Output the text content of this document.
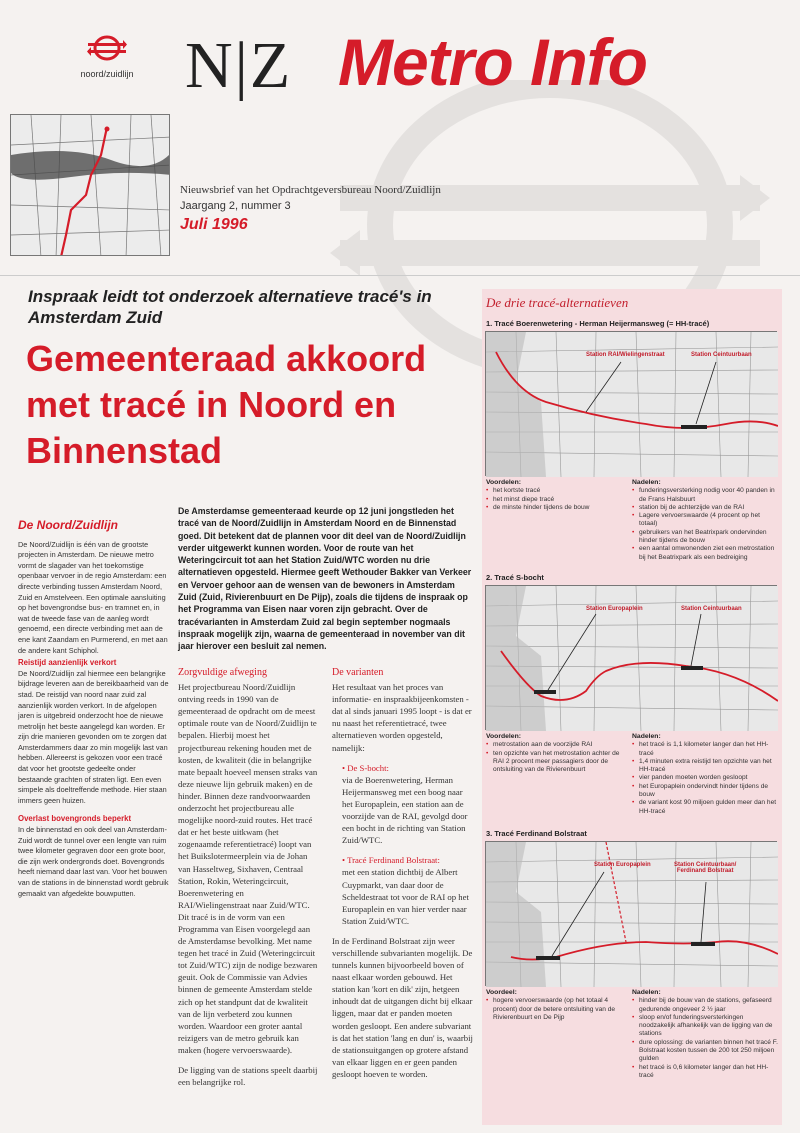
noord/zuidlijn N|Z Metro Info
Nieuwsbrief van het Opdrachtgeversbureau Noord/Zuidlijn
Jaargang 2, nummer 3
Juli 1996
Inspraak leidt tot onderzoek alternatieve tracé's in Amsterdam Zuid
Gemeenteraad akkoord met tracé in Noord en Binnenstad
De Noord/Zuidlijn

De Noord/Zuidlijn is één van de grootste projecten in Amsterdam. De nieuwe metro vormt de slagader van het toekomstige openbaar vervoer in de regio Amsterdam: een directe verbinding tussen Amsterdam Noord, Zuid en Amstelveen. Een optimale aansluiting op het bovengrondse bus- en tramnet en, in wat de tweede fase van de aanleg wordt genoemd, een directe verbinding met aan de ene kant Zaandam en Purmerend, en met aan de andere kant Schiphol.

Reistijd aanzienlijk verkort

De Noord/Zuidlijn zal hiermee een belangrijke bijdrage leveren aan de bereikbaarheid van de stad. De reistijd van noord naar zuid zal aanzienlijk worden verkort. In de afgelopen jaren is uitgebreid onderzocht hoe de nieuwe metrolijn het beste aangelegd kan worden. Er zijn drie manieren gevonden om te zorgen dat Amsterdammers daar zo min mogelijk last van hebben. Allereerst is gekozen voor een tracé dat voor het grootste gedeelte onder bestaande grachten of straten ligt. Een even simpele als doeltreffende methode. Hier staan immers geen huizen.

Overlast bovengronds beperkt

In de binnenstad en ook deel van Amsterdam-Zuid wordt de tunnel over een lengte van ruim twee kilometer gegraven door een grote boor, die zijn werk ondergronds doet. Bovengronds heeft niemand daar last van. Voor het bouwen van de stations in de binnenstad wordt gebruik gemaakt van afgedekte bouwputten.

De Amsterdamse gemeenteraad keurde op 12 juni jongstleden het tracé van de Noord/Zuidlijn in Amsterdam Noord en de Binnenstad goed. Dit betekent dat de plannen voor dit deel van de Noord/Zuidlijn verder uitgewerkt kunnen worden. Voor de route van het Weteringcircuit tot aan het Station Zuid/WTC worden nu drie alternatieven opgesteld. Hiermee geeft Wethouder Bakker van Verkeer en Vervoer gehoor aan de wensen van de bewoners in Amsterdam Zuid (Zuid, Rivierenbuurt en De Pijp), zoals die tijdens de inspraak op het Programma van Eisen naar voren zijn gebracht. Over de tracévarianten in Amsterdam Zuid zal begin september nogmaals inspraak mogelijk zijn, waarna de gemeenteraad in november van dit jaar hierover een besluit zal nemen.
Zorgvuldige afweging

Het projectbureau Noord/Zuidlijn ontving reeds in 1990 van de gemeenteraad de opdracht om de meest optimale route van de Noord/Zuidlijn te bepalen. Hierbij moest het projectbureau rekening houden met de kosten, de kwaliteit (die in belangrijke mate bepaalt hoeveel mensen straks van deze nieuwe lijn gebruik maken) en de hinder. Binnen deze randvoorwaarden onderzocht het projectbureau alle mogelijke noord-zuid routes. Het tracé dat er het beste uitkwam (het zogenaamde referentietracé) loopt van het Buikslotermeerplein via de Johan van Hasseltweg, Sixhaven, Centraal Station, Rokin, Weteringcircuit, Boerenwetering en RAI/Wielingenstraat naar Zuid/WTC. Dit tracé is in de vorm van een Programma van Eisen voorgelegd aan de Amsterdamse bevolking. Met name tegen het tracé in Zuid (Weteringcircuit tot Zuid/WTC) zijn de nodige bezwaren geuit. Ook de Commissie van Advies binnen de gemeente Amsterdam stelde zich op het standpunt dat de kwaliteit van de lijn verbeterd zou kunnen worden. Waardoor een groter aantal reizigers van de metro gebruik kan maken (hogere vervoerswaarde).

De ligging van de stations speelt daarbij een belangrijke rol.

De varianten

Het resultaat van het proces van informatie- en inspraakbijeenkomsten - dat al sinds januari 1995 loopt - is dat er nu naast het referentietracé, twee alternatieven worden opgesteld, namelijk:

• De S-bocht:

via de Boerenwetering, Herman Heijermansweg met een boog naar het Europaplein, een station aan de voorzijde van de RAI, gevolgd door een bocht in de richting van Station Zuid/WTC.

• Tracé Ferdinand Bolstraat:

met een station dichtbij de Albert Cuypmarkt, van daar door de Scheldestraat tot voor de RAI op het Europaplein en van hier verder naar Station Zuid/WTC.

In de Ferdinand Bolstraat zijn weer verschillende subvarianten mogelijk. De tunnels kunnen bijvoorbeeld boven of naast elkaar worden gebouwd. Het station kan 'kort en dik' zijn, hetgeen inhoudt dat de uitgangen dicht bij elkaar liggen, maar dat er panden moeten worden gesloopt. Een andere subvariant is dat het station 'lang en dun' is, waarbij de stationsuitgangen op grotere afstand van elkaar liggen en er geen panden gesloopt hoeven te worden.

De drie tracé-alternatieven
1. Tracé Boerenwetering - Herman Heijermansweg (= HH-tracé)
Station RAI/Wielingenstraat	Station Ceintuurbaan
Voordelen:
• het kortste tracé
• het minst diepe tracé
• de minste hinder tijdens de bouw
Nadelen:
• funderingsversterking nodig voor 40 panden in de Frans Halsbuurt
• station bij de achterzijde van de RAI
• Lagere vervoerswaarde (4 procent op het totaal)
• gebruikers van het Beatrixpark ondervinden hinder tijdens de bouw
• een aantal omwonenden ziet een metrostation bij het Beatrixpark als een bedreiging
2. Tracé S-bocht
Station Europaplein	Station Ceintuurbaan
Voordelen:
• metrostation aan de voorzijde RAI
• ten opzichte van het metrostation achter de RAI 2 procent meer passagiers door de ontsluiting van de Rivierenbuurt
Nadelen:
• het tracé is 1,1 kilometer langer dan het HH-tracé
• 1,4 minuten extra reistijd ten opzichte van het HH-tracé
• vier panden moeten worden gesloopt
• het Europaplein ondervindt hinder tijdens de bouw
• de variant kost 90 miljoen gulden meer dan het HH-tracé
3. Tracé Ferdinand Bolstraat
Station Europaplein	Station Ceintuurbaan/
Ferdinand Bolstraat
Voordeel:
• hogere vervoerswaarde (op het totaal 4 procent) door de betere ontsluiting van de Rivierenbuurt en De Pijp
Nadelen:
• hinder bij de bouw van de stations, gefaseerd gedurende ongeveer 2 ½ jaar
• sloop en/of funderingsversterkingen noodzakelijk afhankelijk van de ligging van de stations
• dure oplossing: de varianten binnen het tracé F. Bolstraat kosten tussen de 200 tot 250 miljoen gulden
• het tracé is 0,6 kilometer langer dan het HH-tracé
